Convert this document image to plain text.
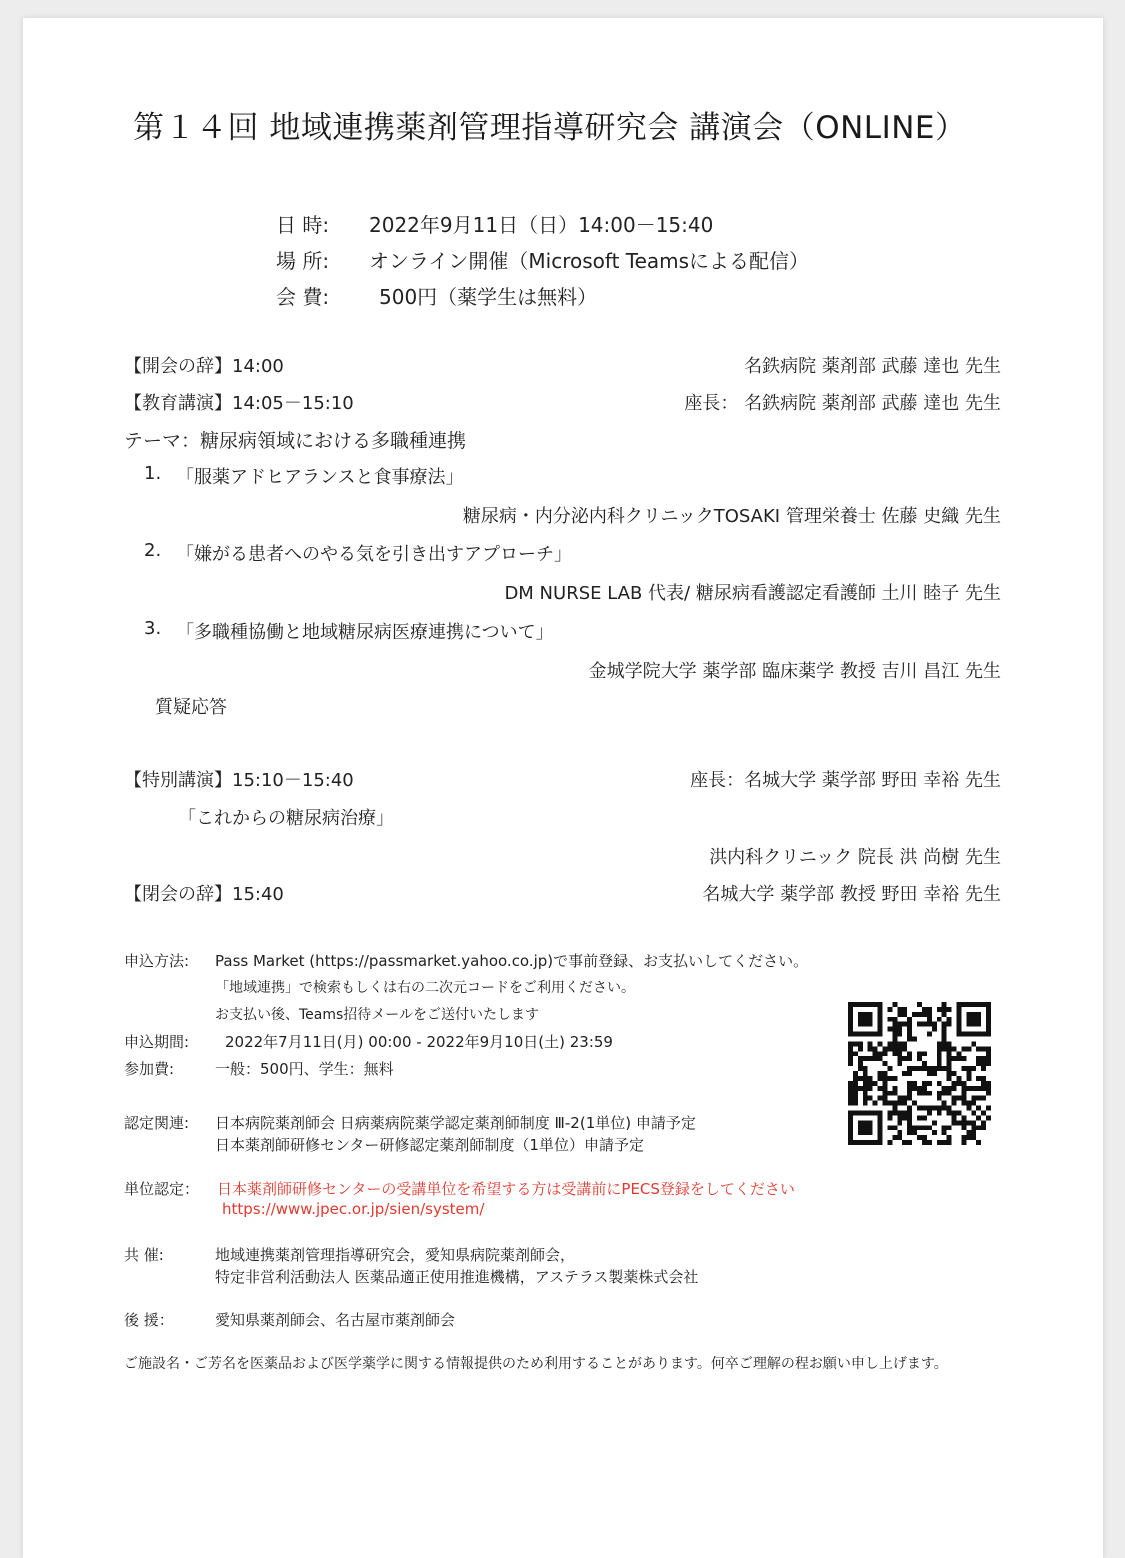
第１４回 地域連携薬剤管理指導研究会 講演会（ONLINE）
日 時: 2022年9月11日（日）14:00－15:40
場 所: オンライン開催（Microsoft Teamsによる配信）
会 費: 500円（薬学生は無料）
【開会の辞】14:00	名鉄病院 薬剤部 武藤 達也 先生
【教育講演】14:05－15:10	座長： 名鉄病院 薬剤部 武藤 達也 先生
テーマ：糖尿病領域における多職種連携
1. 「服薬アドヒアランスと食事療法」
糖尿病・内分泌内科クリニックTOSAKI 管理栄養士 佐藤 史織 先生
2. 「嫌がる患者へのやる気を引き出すアプローチ」
DM NURSE LAB 代表/ 糖尿病看護認定看護師 土川 睦子 先生
3. 「多職種協働と地域糖尿病医療連携について」
金城学院大学 薬学部 臨床薬学 教授 吉川 昌江 先生
質疑応答
【特別講演】15:10－15:40	座長：名城大学 薬学部 野田 幸裕 先生
「これからの糖尿病治療」
洪内科クリニック 院長 洪 尚樹 先生
【閉会の辞】15:40	名城大学 薬学部 教授 野田 幸裕 先生
申込方法: Pass Market (https://passmarket.yahoo.co.jp)で事前登録、お支払いしてください。
「地域連携」で検索もしくは右の二次元コードをご利用ください。
お支払い後、Teams招待メールをご送付いたします
申込期間: 2022年7月11日(月) 00:00 - 2022年9月10日(土) 23:59
参加費:	一般：500円、学生：無料
認定関連: 日本病院薬剤師会 日病薬病院薬学認定薬剤師制度 Ⅲ-2(1単位) 申請予定
日本薬剤師研修センター研修認定薬剤師制度（1単位）申請予定
単位認定： 日本薬剤師研修センターの受講単位を希望する方は受講前にPECS登録をしてください
https://www.jpec.or.jp/sien/system/
共 催:	地域連携薬剤管理指導研究会，愛知県病院薬剤師会，
特定非営利活動法人 医薬品適正使用推進機構，アステラス製薬株式会社
後 援：	愛知県薬剤師会、名古屋市薬剤師会
ご施設名・ご芳名を医薬品および医学薬学に関する情報提供のため利用することがあります。何卒ご理解の程お願い申し上げます。
